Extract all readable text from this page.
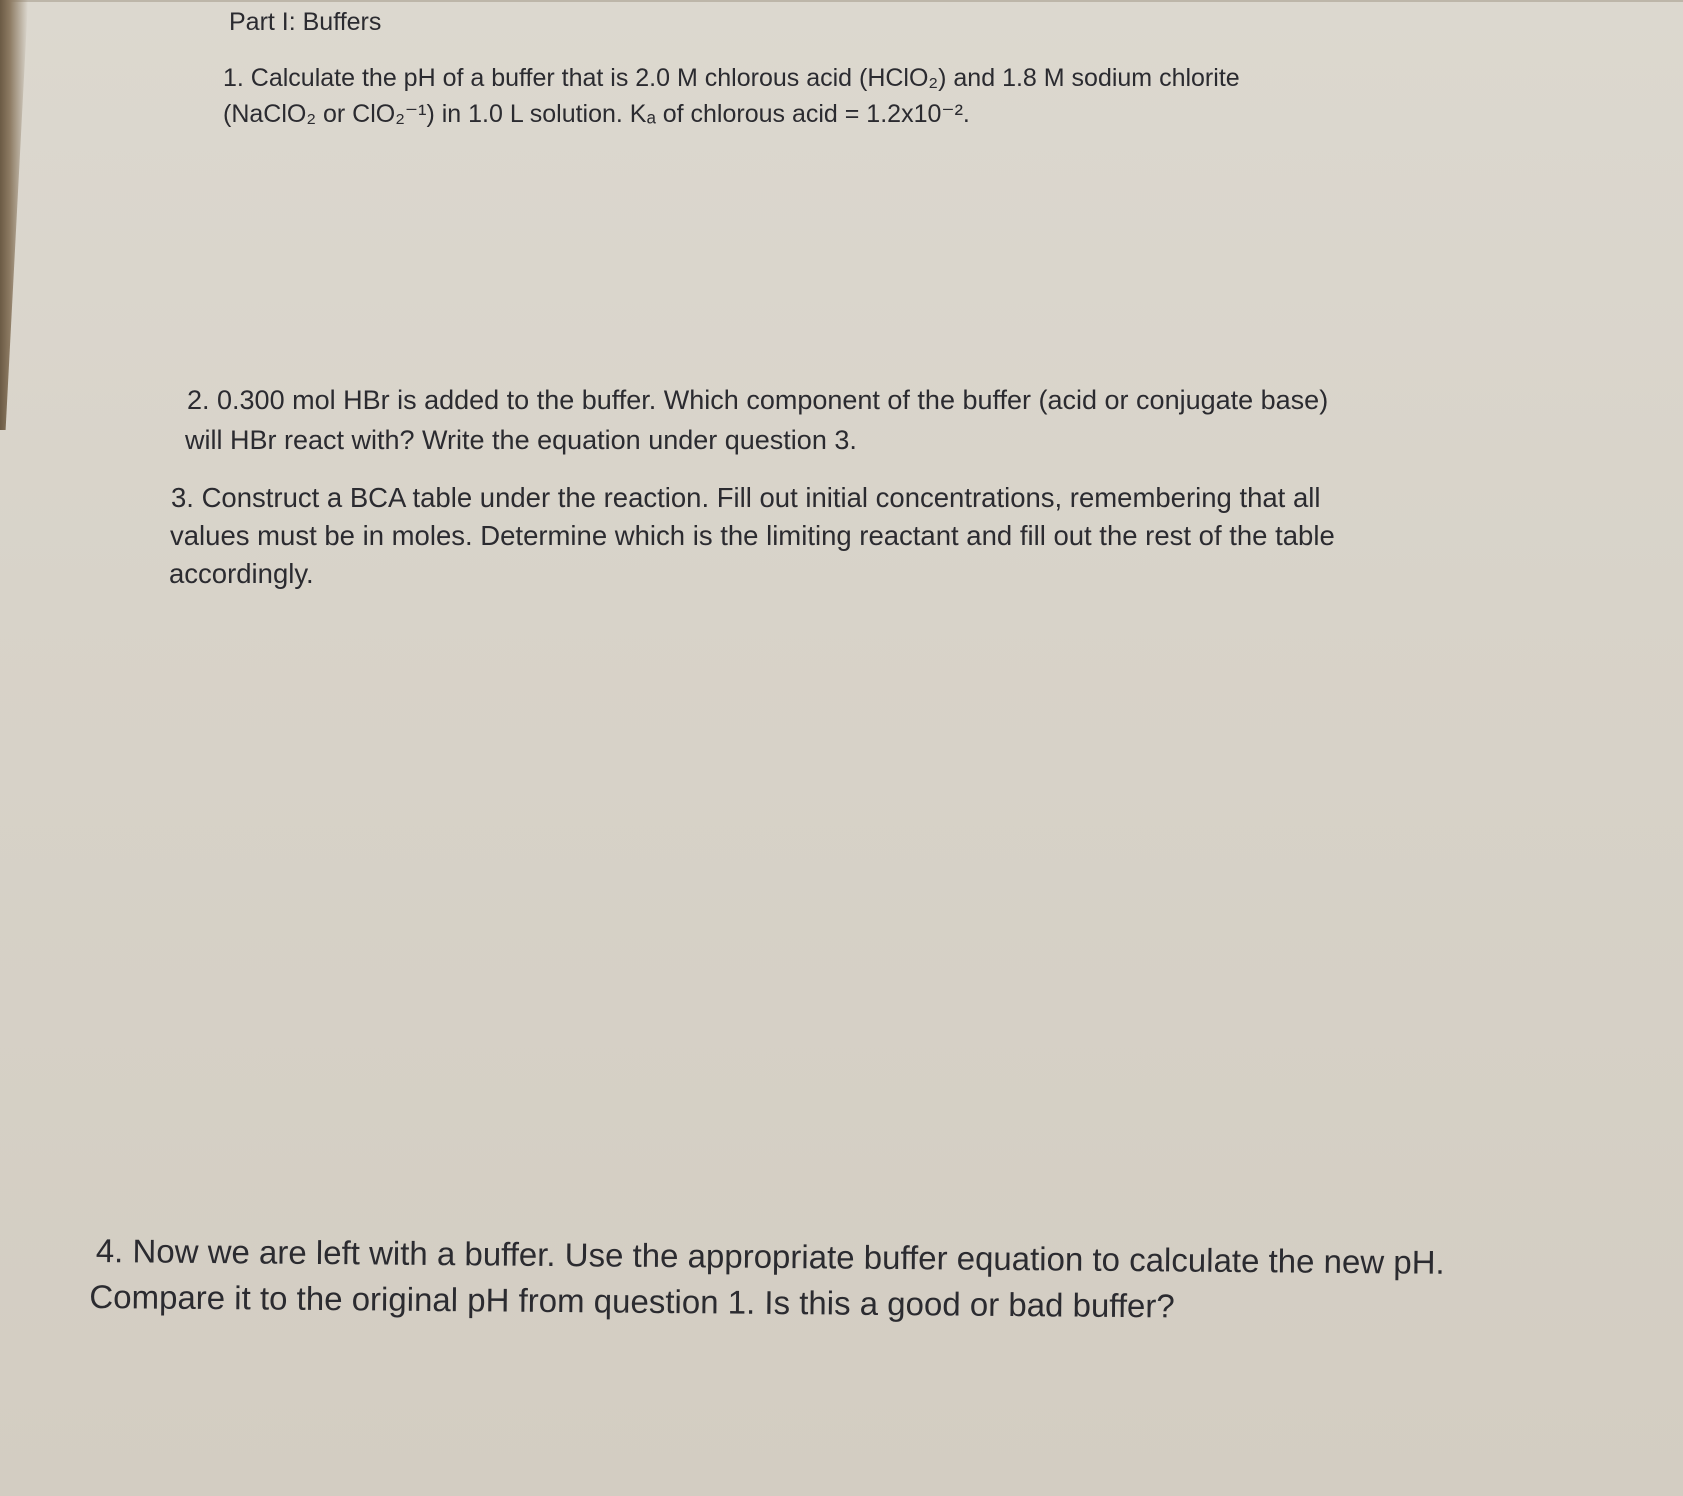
Part I: Buffers
1. Calculate the pH of a buffer that is 2.0 M chlorous acid (HClO₂) and 1.8 M sodium chlorite
(NaClO₂ or ClO₂⁻¹) in 1.0 L solution. Kₐ of chlorous acid = 1.2x10⁻².
2. 0.300 mol HBr is added to the buffer. Which component of the buffer (acid or conjugate base)
will HBr react with? Write the equation under question 3.
3. Construct a BCA table under the reaction. Fill out initial concentrations, remembering that all
values must be in moles. Determine which is the limiting reactant and fill out the rest of the table
accordingly.
4. Now we are left with a buffer. Use the appropriate buffer equation to calculate the new pH.
Compare it to the original pH from question 1. Is this a good or bad buffer?
